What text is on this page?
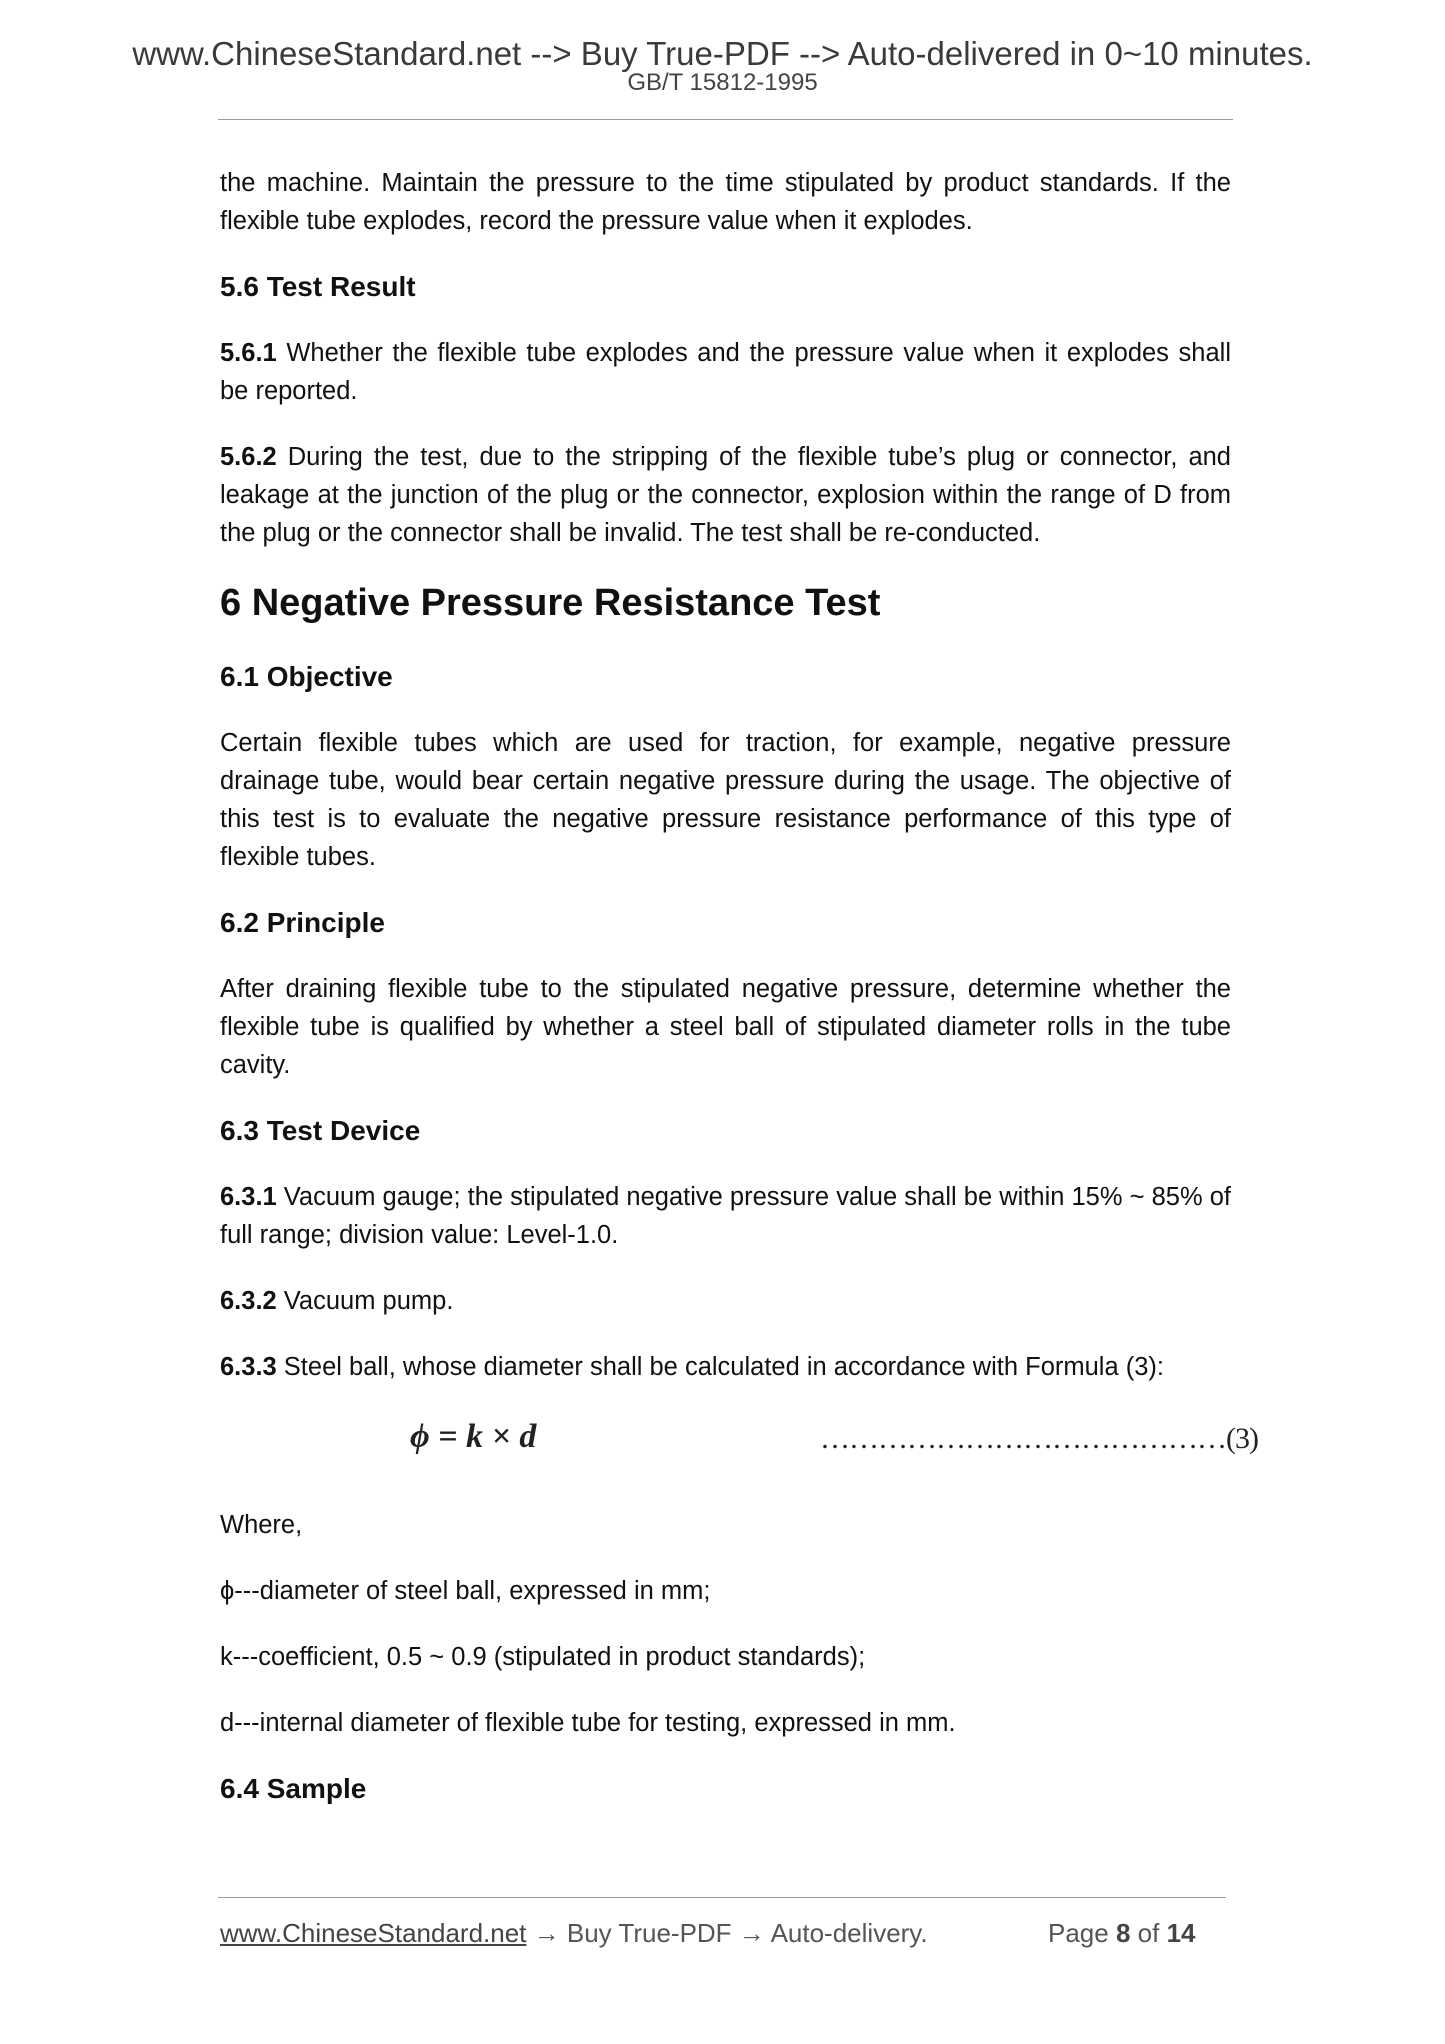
www.ChineseStandard.net --> Buy True-PDF --> Auto-delivered in 0~10 minutes.
GB/T 15812-1995

the machine. Maintain the pressure to the time stipulated by product standards. If the flexible tube explodes, record the pressure value when it explodes.

5.6 Test Result

5.6.1 Whether the flexible tube explodes and the pressure value when it explodes shall be reported.

5.6.2 During the test, due to the stripping of the flexible tube’s plug or connector, and leakage at the junction of the plug or the connector, explosion within the range of D from the plug or the connector shall be invalid. The test shall be re-conducted.

6 Negative Pressure Resistance Test
6.1 Objective

Certain flexible tubes which are used for traction, for example, negative pressure drainage tube, would bear certain negative pressure during the usage. The objective of this test is to evaluate the negative pressure resistance performance of this type of flexible tubes.

6.2 Principle

After draining flexible tube to the stipulated negative pressure, determine whether the flexible tube is qualified by whether a steel ball of stipulated diameter rolls in the tube cavity.

6.3 Test Device

6.3.1 Vacuum gauge; the stipulated negative pressure value shall be within 15% ~ 85% of full range; division value: Level-1.0.

6.3.2 Vacuum pump.

6.3.3 Steel ball, whose diameter shall be calculated in accordance with Formula (3):

ϕ = k × d	……………………………………(3)

Where,

ϕ---diameter of steel ball, expressed in mm;

k---coefficient, 0.5 ~ 0.9 (stipulated in product standards);

d---internal diameter of flexible tube for testing, expressed in mm.

6.4 Sample
www.ChineseStandard.net → Buy True-PDF → Auto-delivery.	Page 8 of 14
